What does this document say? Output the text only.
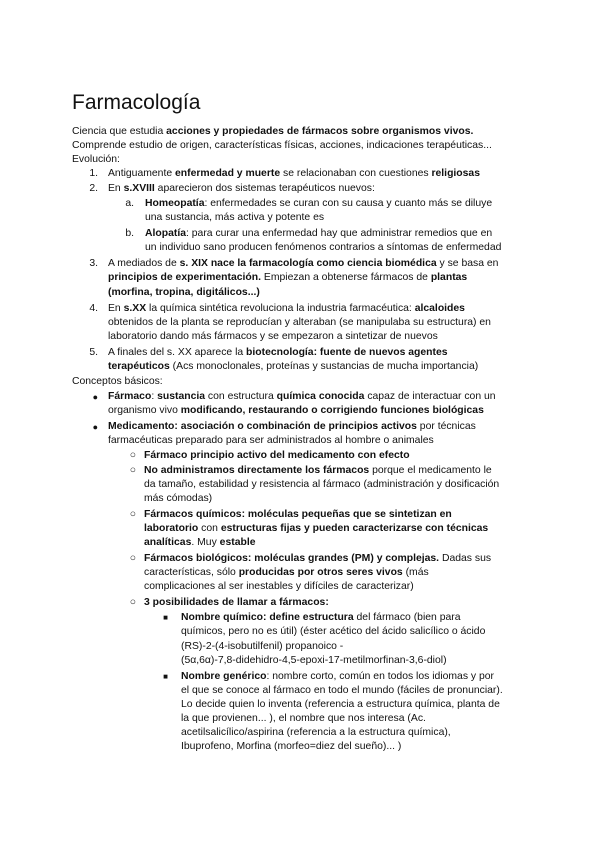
Farmacología
Ciencia que estudia acciones y propiedades de fármacos sobre organismos vivos.
Comprende estudio de origen, características físicas, acciones, indicaciones terapéuticas...
Evolución:
1. Antiguamente enfermedad y muerte se relacionaban con cuestiones religiosas
2. En s.XVIII aparecieron dos sistemas terapéuticos nuevos:
a. Homeopatía: enfermedades se curan con su causa y cuanto más se diluye
una sustancia, más activa y potente es
b. Alopatía: para curar una enfermedad hay que administrar remedios que en
un individuo sano producen fenómenos contrarios a síntomas de enfermedad
3. A mediados de s. XIX nace la farmacología como ciencia biomédica y se basa en
principios de experimentación. Empiezan a obtenerse fármacos de plantas
(morfina, tropina, digitálicos...)
4. En s.XX la química sintética revoluciona la industria farmacéutica: alcaloides
obtenidos de la planta se reproducían y alteraban (se manipulaba su estructura) en
laboratorio dando más fármacos y se empezaron a sintetizar de nuevos
5. A finales del s. XX aparece la biotecnología: fuente de nuevos agentes
terapéuticos (Acs monoclonales, proteínas y sustancias de mucha importancia)
Conceptos básicos:
● Fármaco: sustancia con estructura química conocida capaz de interactuar con un
organismo vivo modificando, restaurando o corrigiendo funciones biológicas
● Medicamento: asociación o combinación de principios activos por técnicas
farmacéuticas preparado para ser administrados al hombre o animales
○ Fármaco principio activo del medicamento con efecto
○ No administramos directamente los fármacos porque el medicamento le
da tamaño, estabilidad y resistencia al fármaco (administración y dosificación
más cómodas)
○ Fármacos químicos: moléculas pequeñas que se sintetizan en
laboratorio con estructuras fijas y pueden caracterizarse con técnicas
analíticas. Muy estable
○ Fármacos biológicos: moléculas grandes (PM) y complejas. Dadas sus
características, sólo producidas por otros seres vivos (más
complicaciones al ser inestables y difíciles de caracterizar)
○ 3 posibilidades de llamar a fármacos:
■ Nombre químico: define estructura del fármaco (bien para
químicos, pero no es útil) (éster acético del ácido salicílico o ácido
(RS)-2-(4-isobutilfenil) propanoico -
(5α,6α)-7,8-didehidro-4,5-epoxi-17-metilmorfinan-3,6-diol)
■ Nombre genérico: nombre corto, común en todos los idiomas y por
el que se conoce al fármaco en todo el mundo (fáciles de pronunciar).
Lo decide quien lo inventa (referencia a estructura química, planta de
la que provienen... ), el nombre que nos interesa (Ac.
acetilsalicílico/aspirina (referencia a la estructura química),
Ibuprofeno, Morfina (morfeo=diez del sueño)... )
